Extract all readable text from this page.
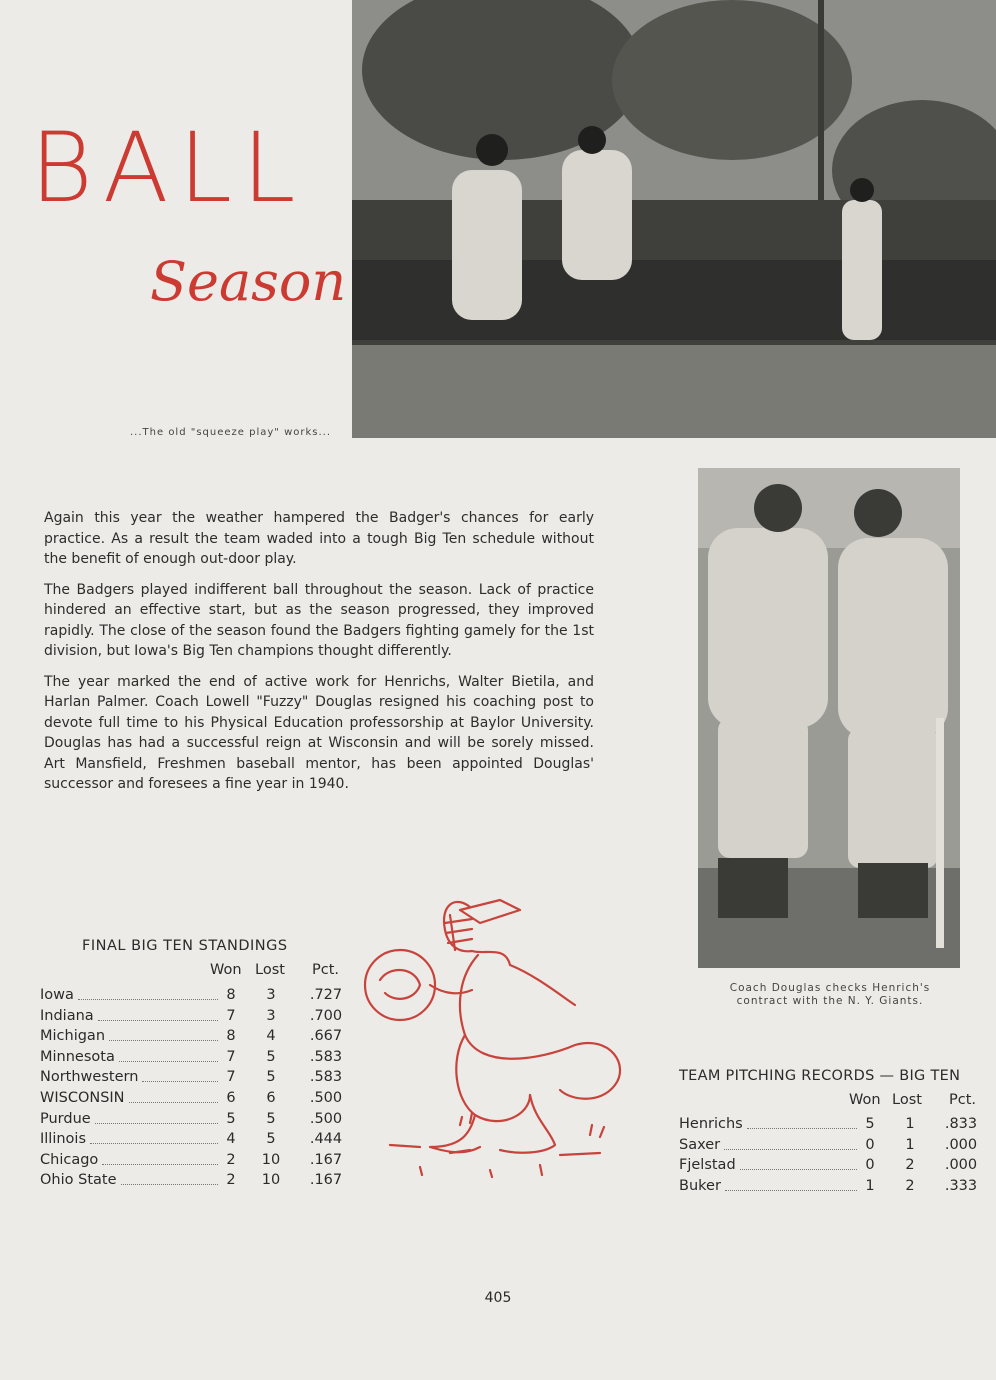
BALL
Season
...The old "squeeze play" works...

Again this year the weather hampered the Badger's chances for early practice. As a result the team waded into a tough Big Ten schedule without the benefit of enough out-door play.

The Badgers played indifferent ball throughout the season. Lack of practice hindered an effective start, but as the season progressed, they improved rapidly. The close of the season found the Badgers fighting gamely for the 1st division, but Iowa's Big Ten champions thought differently.

The year marked the end of active work for Henrichs, Walter Bietila, and Harlan Palmer. Coach Lowell "Fuzzy" Douglas resigned his coaching post to devote full time to his Physical Education professorship at Baylor University. Douglas has had a successful reign at Wisconsin and will be sorely missed. Art Mansfield, Freshmen baseball mentor, has been appointed Douglas' successor and foresees a fine year in 1940.

Coach Douglas checks Henrich's
contract with the N. Y. Giants.
FINAL BIG TEN STANDINGS
Won Lost Pct.
Iowa	8	3	.727
Indiana	7	3	.700
Michigan	8	4	.667
Minnesota	7	5	.583
Northwestern	7	5	.583
WISCONSIN	6	6	.500
Purdue	5	5	.500
Illinois	4	5	.444
Chicago	2	10 .167
Ohio State	2	10 .167
TEAM PITCHING RECORDS — BIG TEN
Won Lost Pct.
Henrichs	5	1	.833
Saxer	0	1	.000
Fjelstad	0	2	.000
Buker	1	2	.333
405
